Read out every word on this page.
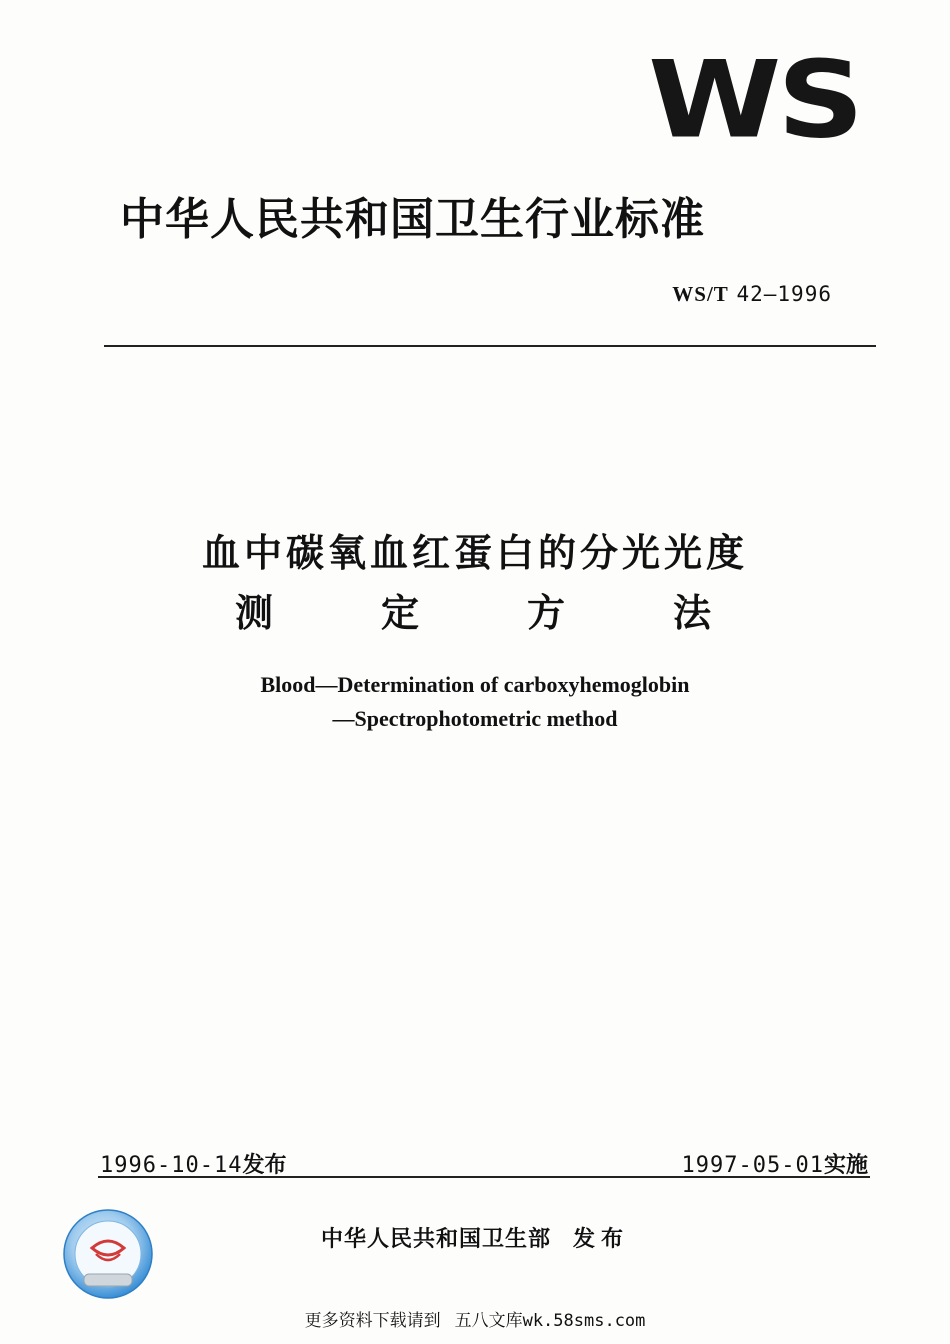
WS
中华人民共和国卫生行业标准
WS/T 42—1996
血中碳氧血红蛋白的分光光度
测	定	方	法
Blood—Determination of carboxyhemoglobin
—Spectrophotometric method
1996-10-14发布	1997-05-01实施
中华人民共和国卫生部 发布
更多资料下载请到 五八文库wk.58sms.com
